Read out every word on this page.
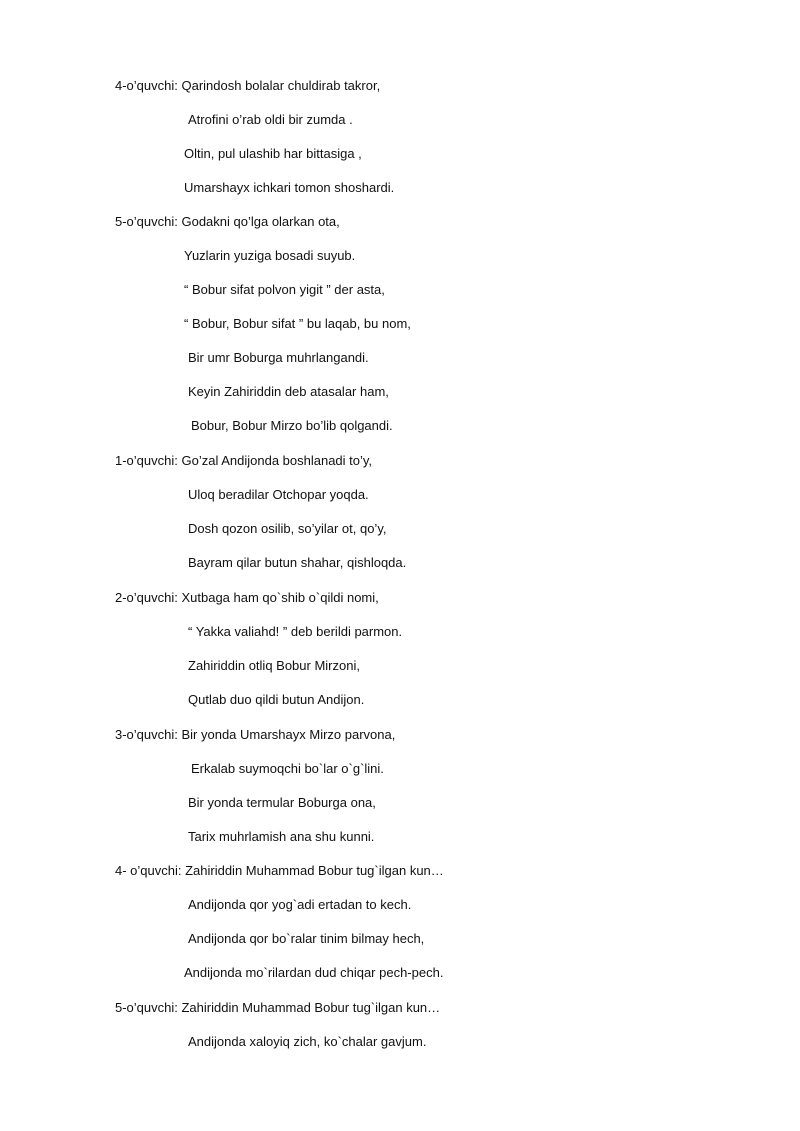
4-o’quvchi: Qarindosh bolalar chuldirab takror,
Atrofini o’rab oldi bir zumda .
Oltin, pul ulashib har bittasiga ,
Umarshayx ichkari tomon shoshardi.
5-o’quvchi: Godakni qo’lga olarkan ota,
Yuzlarin yuziga bosadi suyub.
“ Bobur sifat polvon yigit ” der asta,
“ Bobur, Bobur sifat ” bu laqab, bu nom,
Bir umr Boburga muhrlangandi.
Keyin Zahiriddin deb atasalar ham,
Bobur, Bobur Mirzo bo’lib qolgandi.
1-o’quvchi: Go’zal Andijonda boshlanadi to’y,
Uloq beradilar Otchopar yoqda.
Dosh qozon osilib, so’yilar ot, qo’y,
Bayram qilar butun shahar, qishloqda.
2-o’quvchi: Xutbaga ham qo`shib o`qildi nomi,
“ Yakka valiahd! ” deb berildi parmon.
Zahiriddin otliq Bobur Mirzoni,
Qutlab duo qildi butun Andijon.
3-o’quvchi: Bir yonda Umarshayx Mirzo parvona,
Erkalab suymoqchi bo`lar o`g`lini.
Bir yonda termular Boburga ona,
Tarix muhrlamish ana shu kunni.
4- o’quvchi: Zahiriddin Muhammad Bobur tug`ilgan kun…
Andijonda qor yog`adi ertadan to kech.
Andijonda qor bo`ralar tinim bilmay hech,
Andijonda mo`rilardan dud chiqar pech-pech.
5-o’quvchi: Zahiriddin Muhammad Bobur tug`ilgan kun…
Andijonda xaloyiq zich, ko`chalar gavjum.
